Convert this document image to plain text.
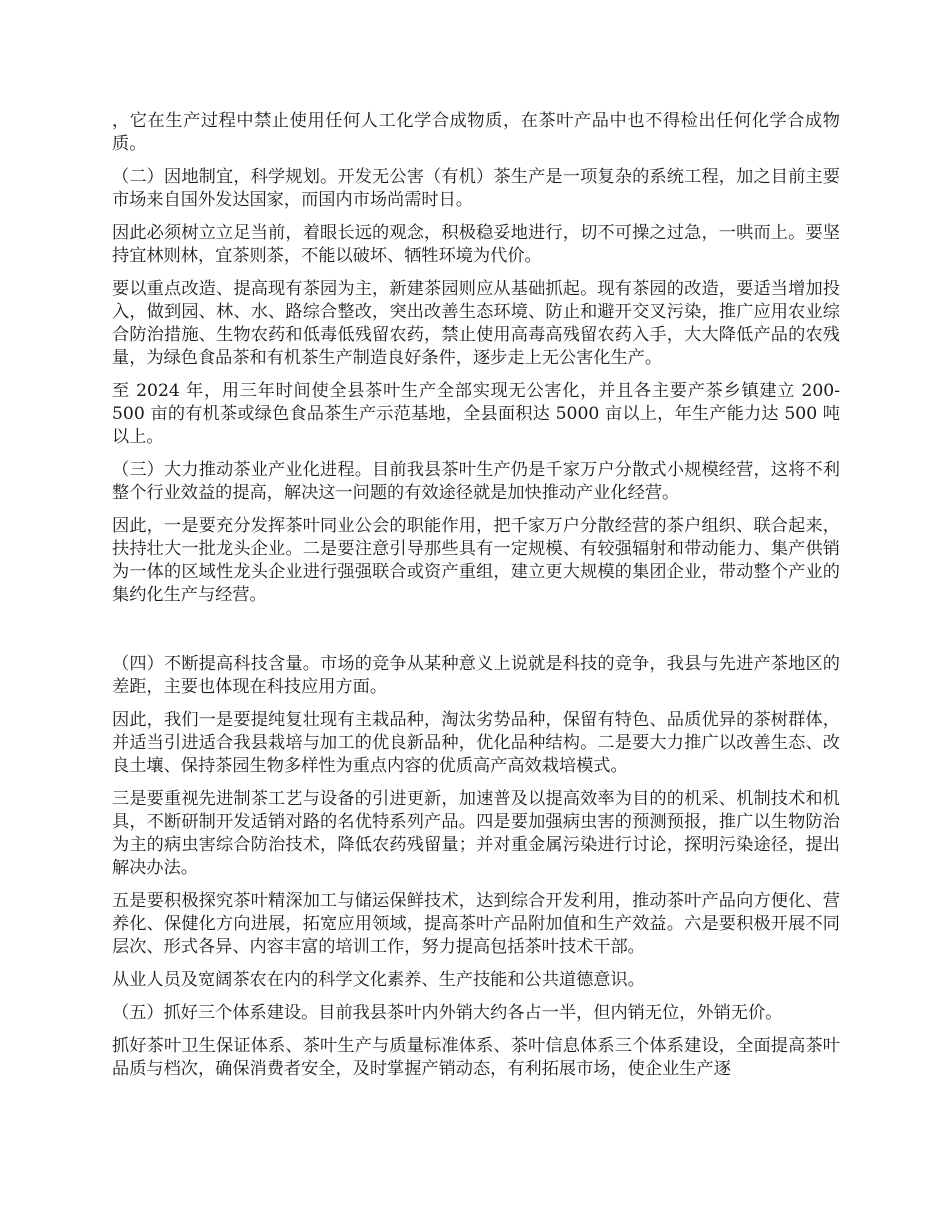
，它在生产过程中禁止使用任何人工化学合成物质，在茶叶产品中也不得检出任何化学合成物质。

（二）因地制宜，科学规划。开发无公害（有机）茶生产是一项复杂的系统工程，加之目前主要市场来自国外发达国家，而国内市场尚需时日。

因此必须树立立足当前，着眼长远的观念，积极稳妥地进行，切不可操之过急，一哄而上。要坚持宜林则林，宜茶则茶，不能以破坏、牺牲环境为代价。

要以重点改造、提高现有茶园为主，新建茶园则应从基础抓起。现有茶园的改造，要适当增加投入，做到园、林、水、路综合整改，突出改善生态环境、防止和避开交叉污染，推广应用农业综合防治措施、生物农药和低毒低残留农药，禁止使用高毒高残留农药入手，大大降低产品的农残量，为绿色食品茶和有机茶生产制造良好条件，逐步走上无公害化生产。

至 2024 年，用三年时间使全县茶叶生产全部实现无公害化，并且各主要产茶乡镇建立 200-500 亩的有机茶或绿色食品茶生产示范基地，全县面积达 5000 亩以上，年生产能力达 500 吨以上。

（三）大力推动茶业产业化进程。目前我县茶叶生产仍是千家万户分散式小规模经营，这将不利整个行业效益的提高，解决这一问题的有效途径就是加快推动产业化经营。

因此，一是要充分发挥茶叶同业公会的职能作用，把千家万户分散经营的茶户组织、联合起来，扶持壮大一批龙头企业。二是要注意引导那些具有一定规模、有较强辐射和带动能力、集产供销为一体的区域性龙头企业进行强强联合或资产重组，建立更大规模的集团企业，带动整个产业的集约化生产与经营。

（四）不断提高科技含量。市场的竞争从某种意义上说就是科技的竞争，我县与先进产茶地区的差距，主要也体现在科技应用方面。

因此，我们一是要提纯复壮现有主栽品种，淘汰劣势品种，保留有特色、品质优异的茶树群体，并适当引进适合我县栽培与加工的优良新品种，优化品种结构。二是要大力推广以改善生态、改良土壤、保持茶园生物多样性为重点内容的优质高产高效栽培模式。

三是要重视先进制茶工艺与设备的引进更新，加速普及以提高效率为目的的机采、机制技术和机具，不断研制开发适销对路的名优特系列产品。四是要加强病虫害的预测预报，推广以生物防治为主的病虫害综合防治技术，降低农药残留量；并对重金属污染进行讨论，探明污染途径，提出解决办法。

五是要积极探究茶叶精深加工与储运保鲜技术，达到综合开发利用，推动茶叶产品向方便化、营养化、保健化方向进展，拓宽应用领域，提高茶叶产品附加值和生产效益。六是要积极开展不同层次、形式各异、内容丰富的培训工作，努力提高包括茶叶技术干部。

从业人员及宽阔茶农在内的科学文化素养、生产技能和公共道德意识。

（五）抓好三个体系建设。目前我县茶叶内外销大约各占一半，但内销无位，外销无价。

抓好茶叶卫生保证体系、茶叶生产与质量标准体系、茶叶信息体系三个体系建设，全面提高茶叶品质与档次，确保消费者安全，及时掌握产销动态，有利拓展市场，使企业生产逐
